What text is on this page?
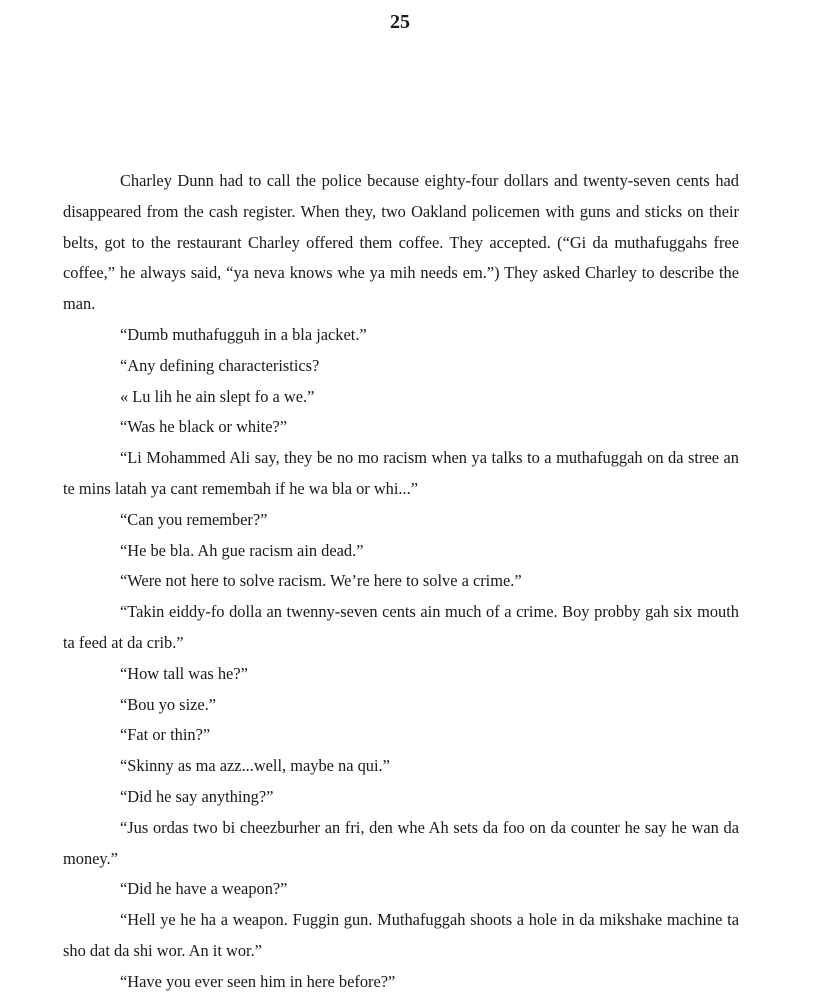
25

Charley Dunn had to call the police because eighty-four dollars and twenty-seven cents had disappeared from the cash register. When they, two Oakland policemen with guns and sticks on their belts, got to the restaurant Charley offered them coffee. They accepted. (“Gi da muthafuggahs free coffee,” he always said, “ya neva knows whe ya mih needs em.”) They asked Charley to describe the man.

“Dumb muthafugguh in a bla jacket.”

“Any defining characteristics?

« Lu lih he ain slept fo a we.”

“Was he black or white?”

“Li Mohammed Ali say, they be no mo racism when ya talks to a muthafuggah on da stree an te mins latah ya cant remembah if he wa bla or whi...”

“Can you remember?”

“He be bla. Ah gue racism ain dead.”

“Were not here to solve racism. We’re here to solve a crime.”

“Takin eiddy-fo dolla an twenny-seven cents ain much of a crime. Boy probby gah six mouth ta feed at da crib.”

“How tall was he?”

“Bou yo size.”

“Fat or thin?”

“Skinny as ma azz...well, maybe na qui.”

“Did he say anything?”

“Jus ordas two bi cheezburher an fri, den whe Ah sets da foo on da counter he say he wan da money.”

“Did he have a weapon?”

“Hell ye he ha a weapon. Fuggin gun. Muthafuggah shoots a hole in da mikshake machine ta sho dat da shi wor. An it wor.”

“Have you ever seen him in here before?”
